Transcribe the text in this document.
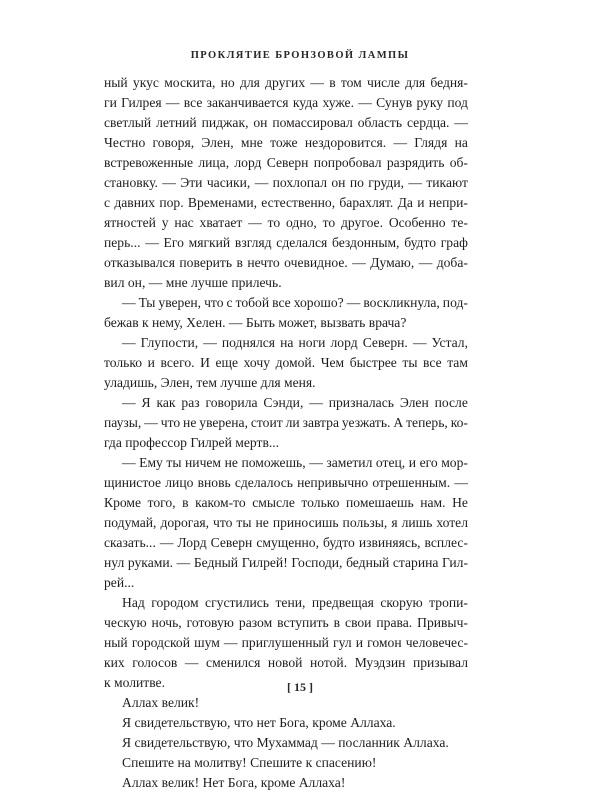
ПРОКЛЯТИЕ БРОНЗОВОЙ ЛАМПЫ
ный укус москита, но для других — в том числе для бедня-
ги Гилрея — все заканчивается куда хуже. — Сунув руку под
светлый летний пиджак, он помассировал область сердца. —
Честно говоря, Элен, мне тоже нездоровится. — Глядя на
встревоженные лица, лорд Северн попробовал разрядить об-
становку. — Эти часики, — похлопал он по груди, — тикают
с давних пор. Временами, естественно, барахлят. Да и непри-
ятностей у нас хватает — то одно, то другое. Особенно те-
перь... — Его мягкий взгляд сделался бездонным, будто граф
отказывался поверить в нечто очевидное. — Думаю, — доба-
вил он, — мне лучше прилечь.
— Ты уверен, что с тобой все хорошо? — воскликнула, под-
бежав к нему, Хелен. — Быть может, вызвать врача?
— Глупости, — поднялся на ноги лорд Северн. — Устал,
только и всего. И еще хочу домой. Чем быстрее ты все там
уладишь, Элен, тем лучше для меня.
— Я как раз говорила Сэнди, — призналась Элен после
паузы, — что не уверена, стоит ли завтра уезжать. А теперь, ко-
гда профессор Гилрей мертв...
— Ему ты ничем не поможешь, — заметил отец, и его мор-
щинистое лицо вновь сделалось непривычно отрешенным. —
Кроме того, в каком-то смысле только помешаешь нам. Не
подумай, дорогая, что ты не приносишь пользы, я лишь хотел
сказать... — Лорд Северн смущенно, будто извиняясь, всплес-
нул руками. — Бедный Гилрей! Господи, бедный старина Гил-
рей...
Над городом сгустились тени, предвещая скорую тропи-
ческую ночь, готовую разом вступить в свои права. Привыч-
ный городской шум — приглушенный гул и гомон человечес-
ких голосов — сменился новой нотой. Муэдзин призывал
к молитве.
Аллах велик!
Я свидетельствую, что нет Бога, кроме Аллаха.
Я свидетельствую, что Мухаммад — посланник Аллаха.
Спешите на молитву! Спешите к спасению!
Аллах велик! Нет Бога, кроме Аллаха!
[ 15 ]
